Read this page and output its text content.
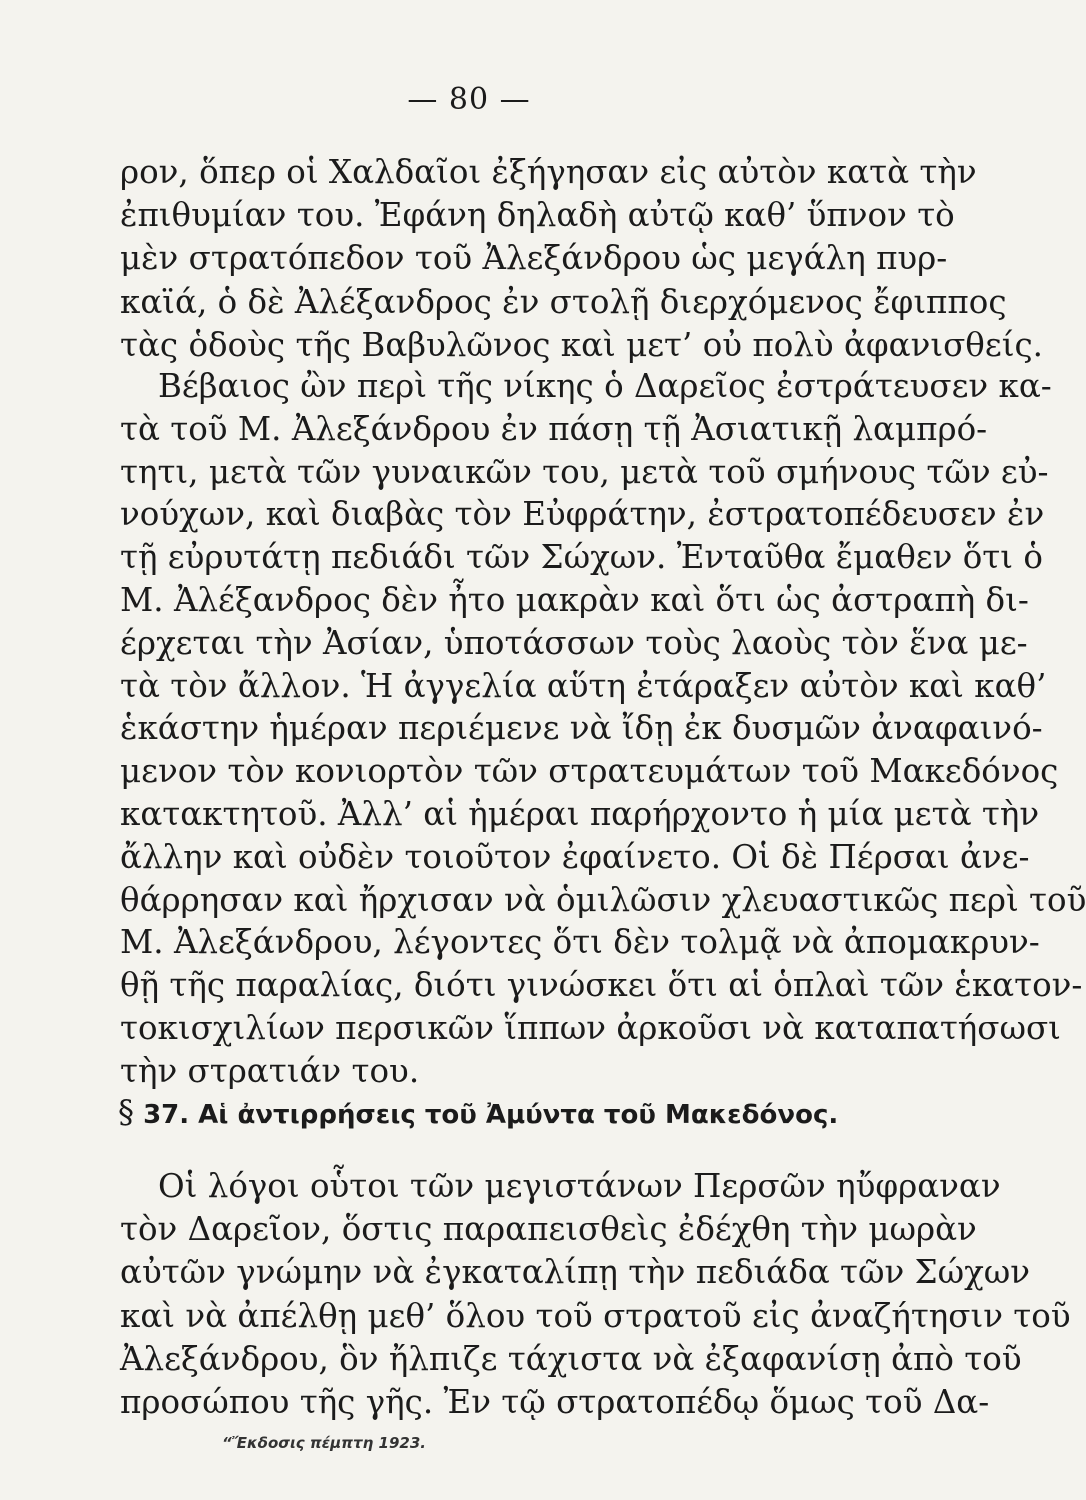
— 80 —
ρον, ὅπερ οἱ Χαλδαῖοι ἐξήγησαν εἰς αὐτὸν κατὰ τὴν
ἐπιθυμίαν του. Ἐφάνη δηλαδὴ αὐτῷ καθ’ ὕπνον τὸ
μὲν στρατόπεδον τοῦ Ἀλεξάνδρου ὡς μεγάλη πυρ-
καϊά, ὁ δὲ Ἀλέξανδρος ἐν στολῇ διερχόμενος ἔφιππος
τὰς ὁδοὺς τῆς Βαβυλῶνος καὶ μετ’ οὐ πολὺ ἀφανισθείς.
Βέβαιος ὢν περὶ τῆς νίκης ὁ Δαρεῖος ἐστράτευσεν κα-
τὰ τοῦ Μ. Ἀλεξάνδρου ἐν πάσῃ τῇ Ἀσιατικῇ λαμπρό-
τητι, μετὰ τῶν γυναικῶν του, μετὰ τοῦ σμήνους τῶν εὐ-
νούχων, καὶ διαβὰς τὸν Εὐφράτην, ἐστρατοπέδευσεν ἐν
τῇ εὐρυτάτῃ πεδιάδι τῶν Σώχων. Ἐνταῦθα ἔμαθεν ὅτι ὁ
Μ. Ἀλέξανδρος δὲν ἦτο μακρὰν καὶ ὅτι ὡς ἀστραπὴ δι-
έρχεται τὴν Ἀσίαν, ὑποτάσσων τοὺς λαοὺς τὸν ἕνα με-
τὰ τὸν ἄλλον. Ἡ ἀγγελία αὕτη ἐτάραξεν αὐτὸν καὶ καθ’
ἑκάστην ἡμέραν περιέμενε νὰ ἴδῃ ἐκ δυσμῶν ἀναφαινό-
μενον τὸν κονιορτὸν τῶν στρατευμάτων τοῦ Μακεδόνος
κατακτητοῦ. Ἀλλ’ αἱ ἡμέραι παρήρχοντο ἡ μία μετὰ τὴν
ἄλλην καὶ οὐδὲν τοιοῦτον ἐφαίνετο. Οἱ δὲ Πέρσαι ἀνε-
θάρρησαν καὶ ἤρχισαν νὰ ὁμιλῶσιν χλευαστικῶς περὶ τοῦ
Μ. Ἀλεξάνδρου, λέγοντες ὅτι δὲν τολμᾷ νὰ ἀπομακρυν-
θῇ τῆς παραλίας, διότι γινώσκει ὅτι αἱ ὁπλαὶ τῶν ἑκατον-
τοκισχιλίων περσικῶν ἵππων ἀρκοῦσι νὰ καταπατήσωσι
τὴν στρατιάν του.
§ 37. Αἱ ἀντιρρήσεις τοῦ Ἀμύντα τοῦ Μακεδόνος.
Οἱ λόγοι οὗτοι τῶν μεγιστάνων Περσῶν ηὔφραναν
τὸν Δαρεῖον, ὅστις παραπεισθεὶς ἐδέχθη τὴν μωρὰν
αὐτῶν γνώμην νὰ ἐγκαταλίπῃ τὴν πεδιάδα τῶν Σώχων
καὶ νὰ ἀπέλθῃ μεθ’ ὅλου τοῦ στρατοῦ εἰς ἀναζήτησιν τοῦ
Ἀλεξάνδρου, ὃν ἤλπιζε τάχιστα νὰ ἐξαφανίσῃ ἀπὸ τοῦ
προσώπου τῆς γῆς. Ἐν τῷ στρατοπέδῳ ὅμως τοῦ Δα-
“Ἔκδοσις πέμπτη 1923.
